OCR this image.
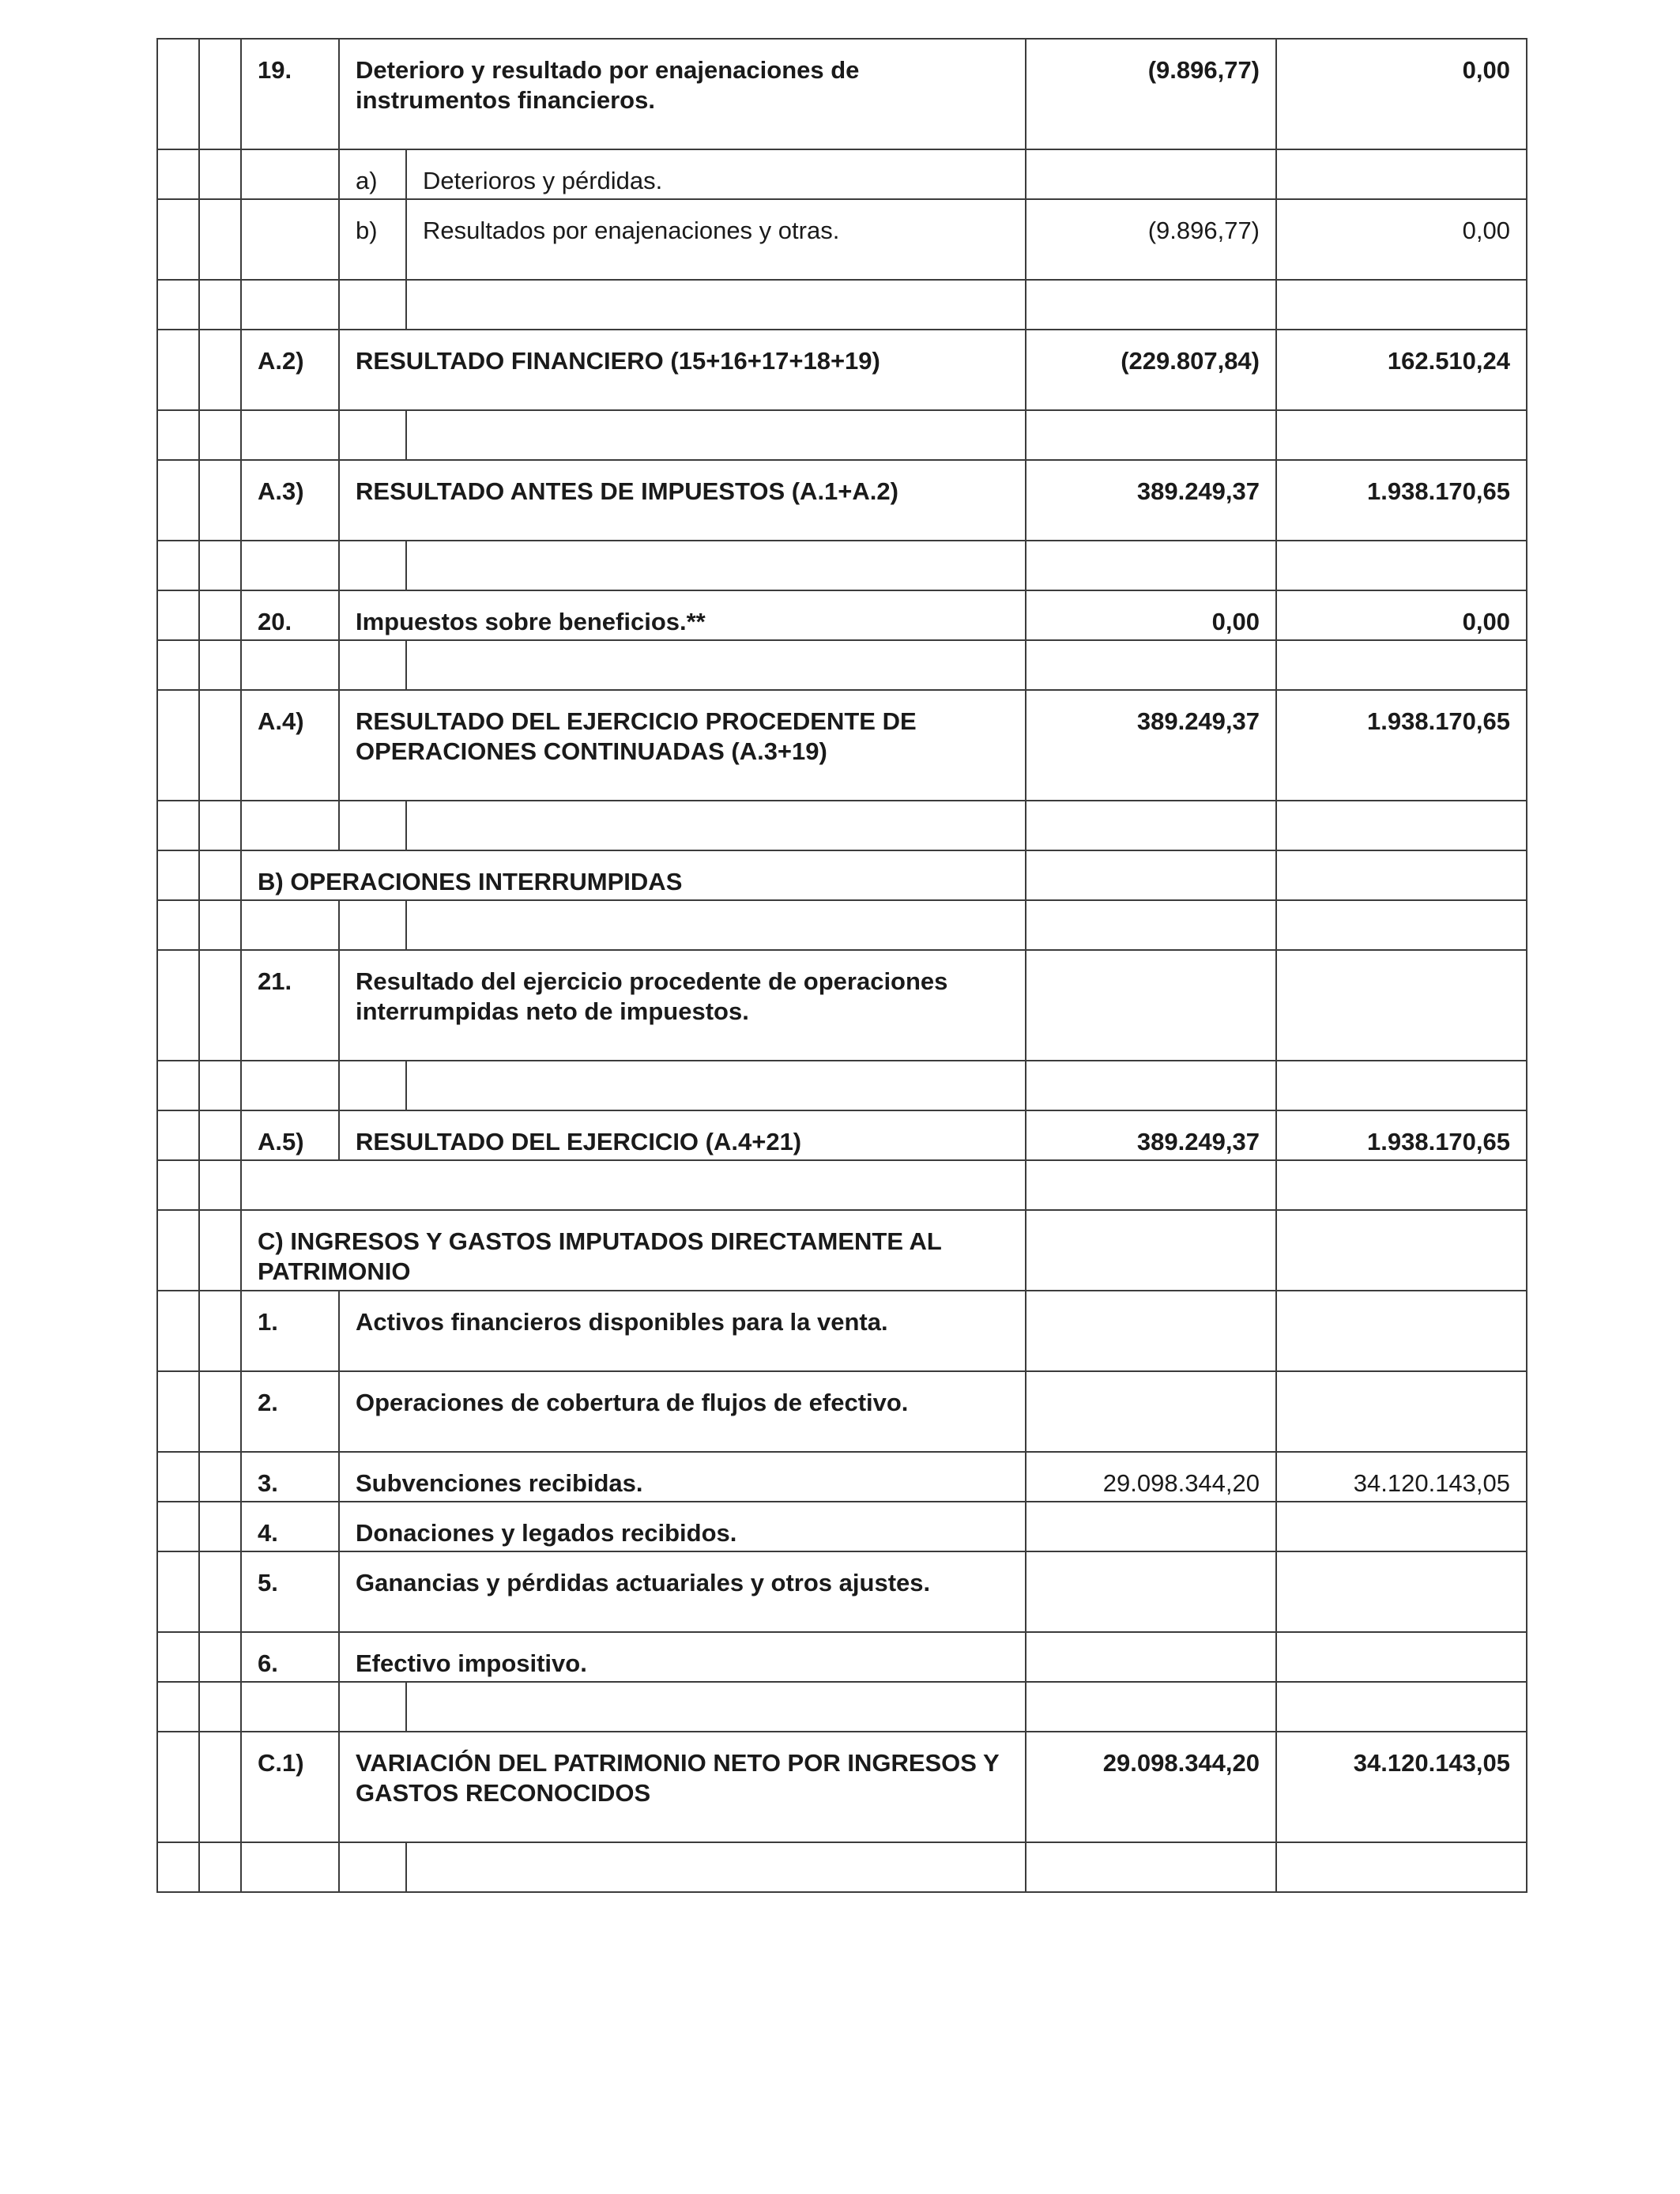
		19.	Deterioro y resultado por enajenaciones de instrumentos financieros.		(9.896,77)	0,00
			a)	Deterioros y pérdidas.		
			b)	Resultados por enajenaciones y otras.	(9.896,77)	0,00

		A.2)	RESULTADO FINANCIERO (15+16+17+18+19)		(229.807,84)	162.510,24

		A.3)	RESULTADO ANTES DE IMPUESTOS (A.1+A.2)		389.249,37	1.938.170,65

		20.	Impuestos sobre beneficios.**		0,00	0,00

		A.4)	RESULTADO DEL EJERCICIO PROCEDENTE DE OPERACIONES CONTINUADAS (A.3+19)		389.249,37	1.938.170,65

		B) OPERACIONES INTERRUMPIDAS				

		21.	Resultado del ejercicio procedente de operaciones interrumpidas neto de impuestos.			

		A.5)	RESULTADO DEL EJERCICIO (A.4+21)		389.249,37	1.938.170,65

		C) INGRESOS Y GASTOS IMPUTADOS DIRECTAMENTE AL PATRIMONIO				
		1.	Activos financieros disponibles para la venta.			
		2.	Operaciones de cobertura de flujos de efectivo.			
		3.	Subvenciones recibidas.		29.098.344,20	34.120.143,05
		4.	Donaciones y legados recibidos.			
		5.	Ganancias y pérdidas actuariales y otros ajustes.			
		6.	Efectivo impositivo.			

		C.1)	VARIACIÓN DEL PATRIMONIO NETO POR INGRESOS Y GASTOS RECONOCIDOS		29.098.344,20	34.120.143,05
